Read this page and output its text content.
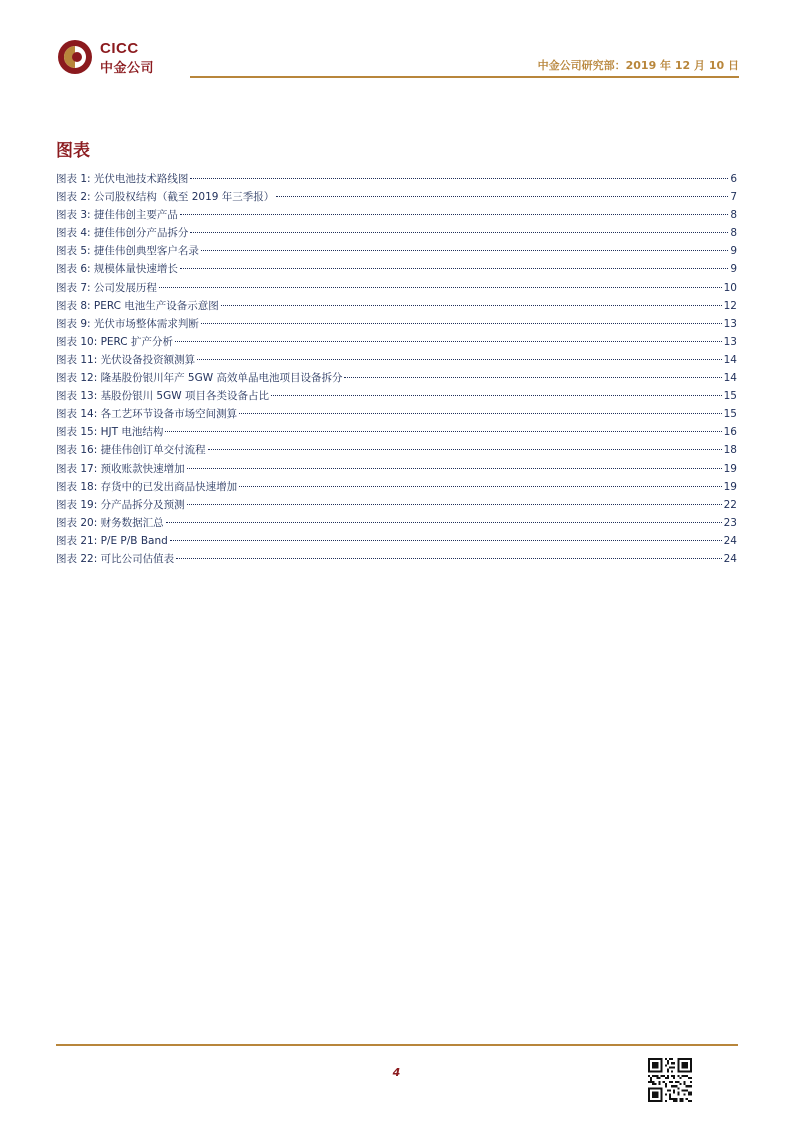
CICC
中金公司	中金公司研究部：2019 年 12 月 10 日
图表
图表 1: 光伏电池技术路线图	6
图表 2: 公司股权结构（截至 2019 年三季报）	7
图表 3: 捷佳伟创主要产品	8
图表 4: 捷佳伟创分产品拆分	8
图表 5: 捷佳伟创典型客户名录	9
图表 6: 规模体量快速增长	9
图表 7: 公司发展历程	10
图表 8: PERC 电池生产设备示意图	12
图表 9: 光伏市场整体需求判断	13
图表 10: PERC 扩产分析	13
图表 11: 光伏设备投资额测算	14
图表 12: 隆基股份银川年产 5GW 高效单晶电池项目设备拆分	14
图表 13: 基股份银川 5GW 项目各类设备占比	15
图表 14: 各工艺环节设备市场空间测算	15
图表 15: HJT 电池结构	16
图表 16: 捷佳伟创订单交付流程	18
图表 17: 预收账款快速增加	19
图表 18: 存货中的已发出商品快速增加	19
图表 19: 分产品拆分及预测	22
图表 20: 财务数据汇总	23
图表 21: P/E P/B Band	24
图表 22: 可比公司估值表	24
4
